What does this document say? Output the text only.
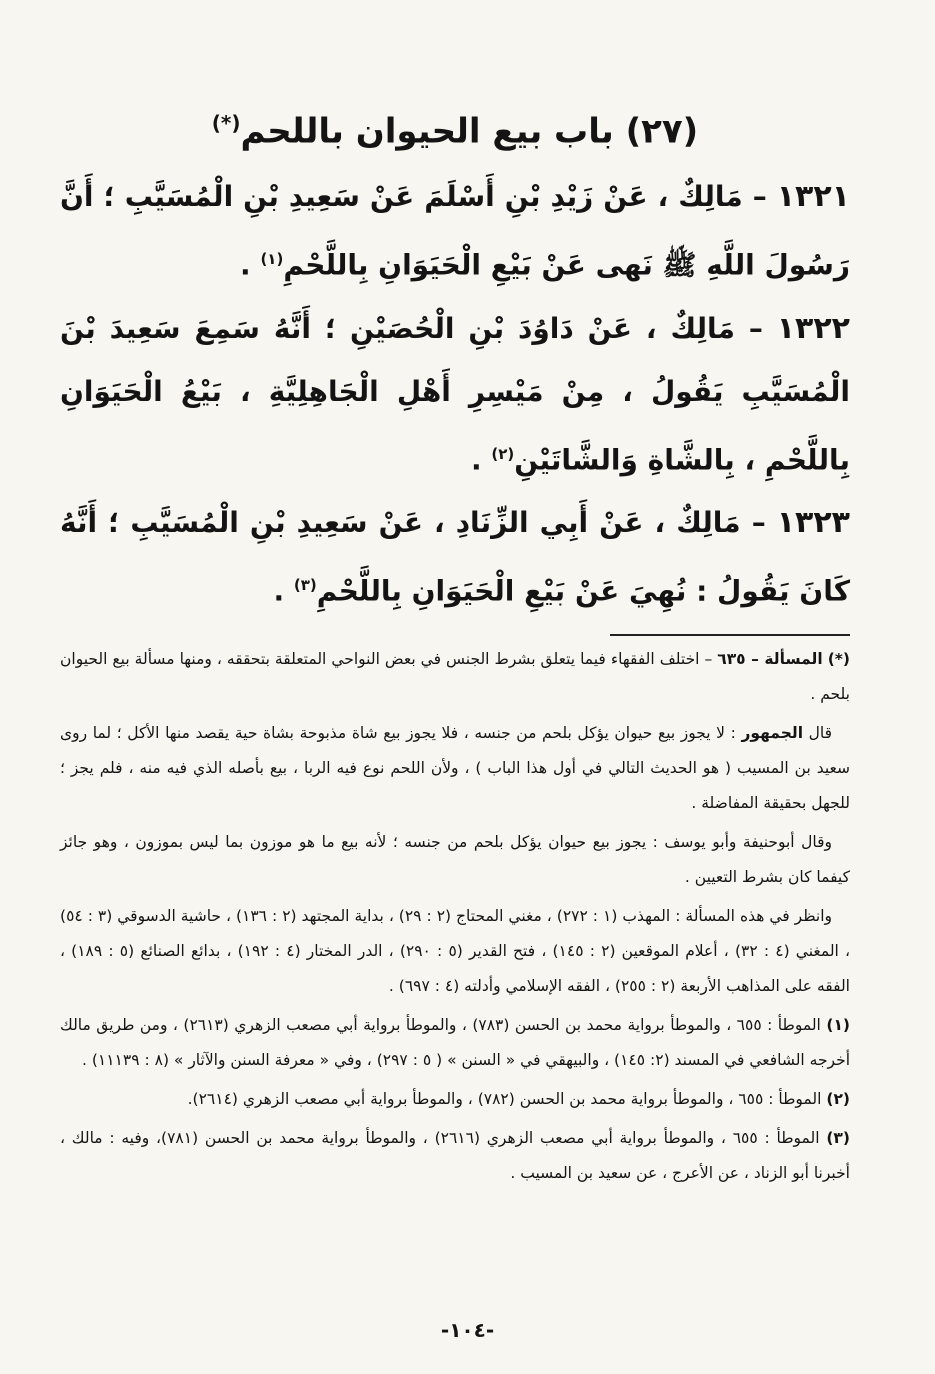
(٢٧) باب بيع الحيوان باللحم(*)

١٣٢١ – مَالِكٌ ، عَنْ زَيْدِ بْنِ أَسْلَمَ عَنْ سَعِيدِ بْنِ الْمُسَيَّبِ ؛ أَنَّ رَسُولَ اللَّهِ ﷺ نَهى عَنْ بَيْعِ الْحَيَوَانِ بِاللَّحْمِ$^{(١)}$ .

١٣٢٢ – مَالِكٌ ، عَنْ دَاوُدَ بْنِ الْحُصَيْنِ ؛ أَنَّهُ سَمِعَ سَعِيدَ بْنَ الْمُسَيَّبِ يَقُولُ ، مِنْ مَيْسِرِ أَهْلِ الْجَاهِلِيَّةِ ، بَيْعُ الْحَيَوَانِ بِاللَّحْمِ ، بِالشَّاةِ وَالشَّاتَيْنِ$^{(٢)}$ .

١٣٢٣ – مَالِكٌ ، عَنْ أَبِي الزِّنَادِ ، عَنْ سَعِيدِ بْنِ الْمُسَيَّبِ ؛ أَنَّهُ كَانَ يَقُولُ : نُهِيَ عَنْ بَيْعِ الْحَيَوَانِ بِاللَّحْمِ$^{(٣)}$ .

(*) المسألة – ٦٣٥ – اختلف الفقهاء فيما يتعلق بشرط الجنس في بعض النواحي المتعلقة بتحققه ، ومنها مسألة بيع الحيوان بلحم .

قال الجمهور : لا يجوز بيع حيوان يؤكل بلحم من جنسه ، فلا يجوز بيع شاة مذبوحة بشاة حية يقصد منها الأكل ؛ لما روى سعيد بن المسيب ( هو الحديث التالي في أول هذا الباب ) ، ولأن اللحم نوع فيه الربا ، بيع بأصله الذي فيه منه ، فلم يجز ؛ للجهل بحقيقة المفاضلة .

وقال أبوحنيفة وأبو يوسف : يجوز بيع حيوان يؤكل بلحم من جنسه ؛ لأنه بيع ما هو موزون بما ليس بموزون ، وهو جائز كيفما كان بشرط التعيين .

وانظر في هذه المسألة : المهذب (١ : ٢٧٢) ، مغني المحتاج (٢ : ٢٩) ، بداية المجتهد (٢ : ١٣٦) ، حاشية الدسوقي (٣ : ٥٤) ، المغني (٤ : ٣٢) ، أعلام الموقعين (٢ : ١٤٥) ، فتح القدير (٥ : ٢٩٠) ، الدر المختار (٤ : ١٩٢) ، بدائع الصنائع (٥ : ١٨٩) ، الفقه على المذاهب الأربعة (٢ : ٢٥٥) ، الفقه الإسلامي وأدلته (٤ : ٦٩٧) .

(١) الموطأ : ٦٥٥ ، والموطأ برواية محمد بن الحسن (٧٨٣) ، والموطأ برواية أبي مصعب الزهري (٢٦١٣) ، ومن طريق مالك أخرجه الشافعي في المسند (٢: ١٤٥) ، والبيهقي في « السنن » ( ٥ : ٢٩٧) ، وفي « معرفة السنن والآثار » (٨ : ١١١٣٩) .

(٢) الموطأ : ٦٥٥ ، والموطأ برواية محمد بن الحسن (٧٨٢) ، والموطأ برواية أبي مصعب الزهري (٢٦١٤).

(٣) الموطأ : ٦٥٥ ، والموطأ برواية أبي مصعب الزهري (٢٦١٦) ، والموطأ برواية محمد بن الحسن (٧٨١)، وفيه : مالك ، أخبرنا أبو الزناد ، عن الأعرج ، عن سعيد بن المسيب .

-١٠٤-
